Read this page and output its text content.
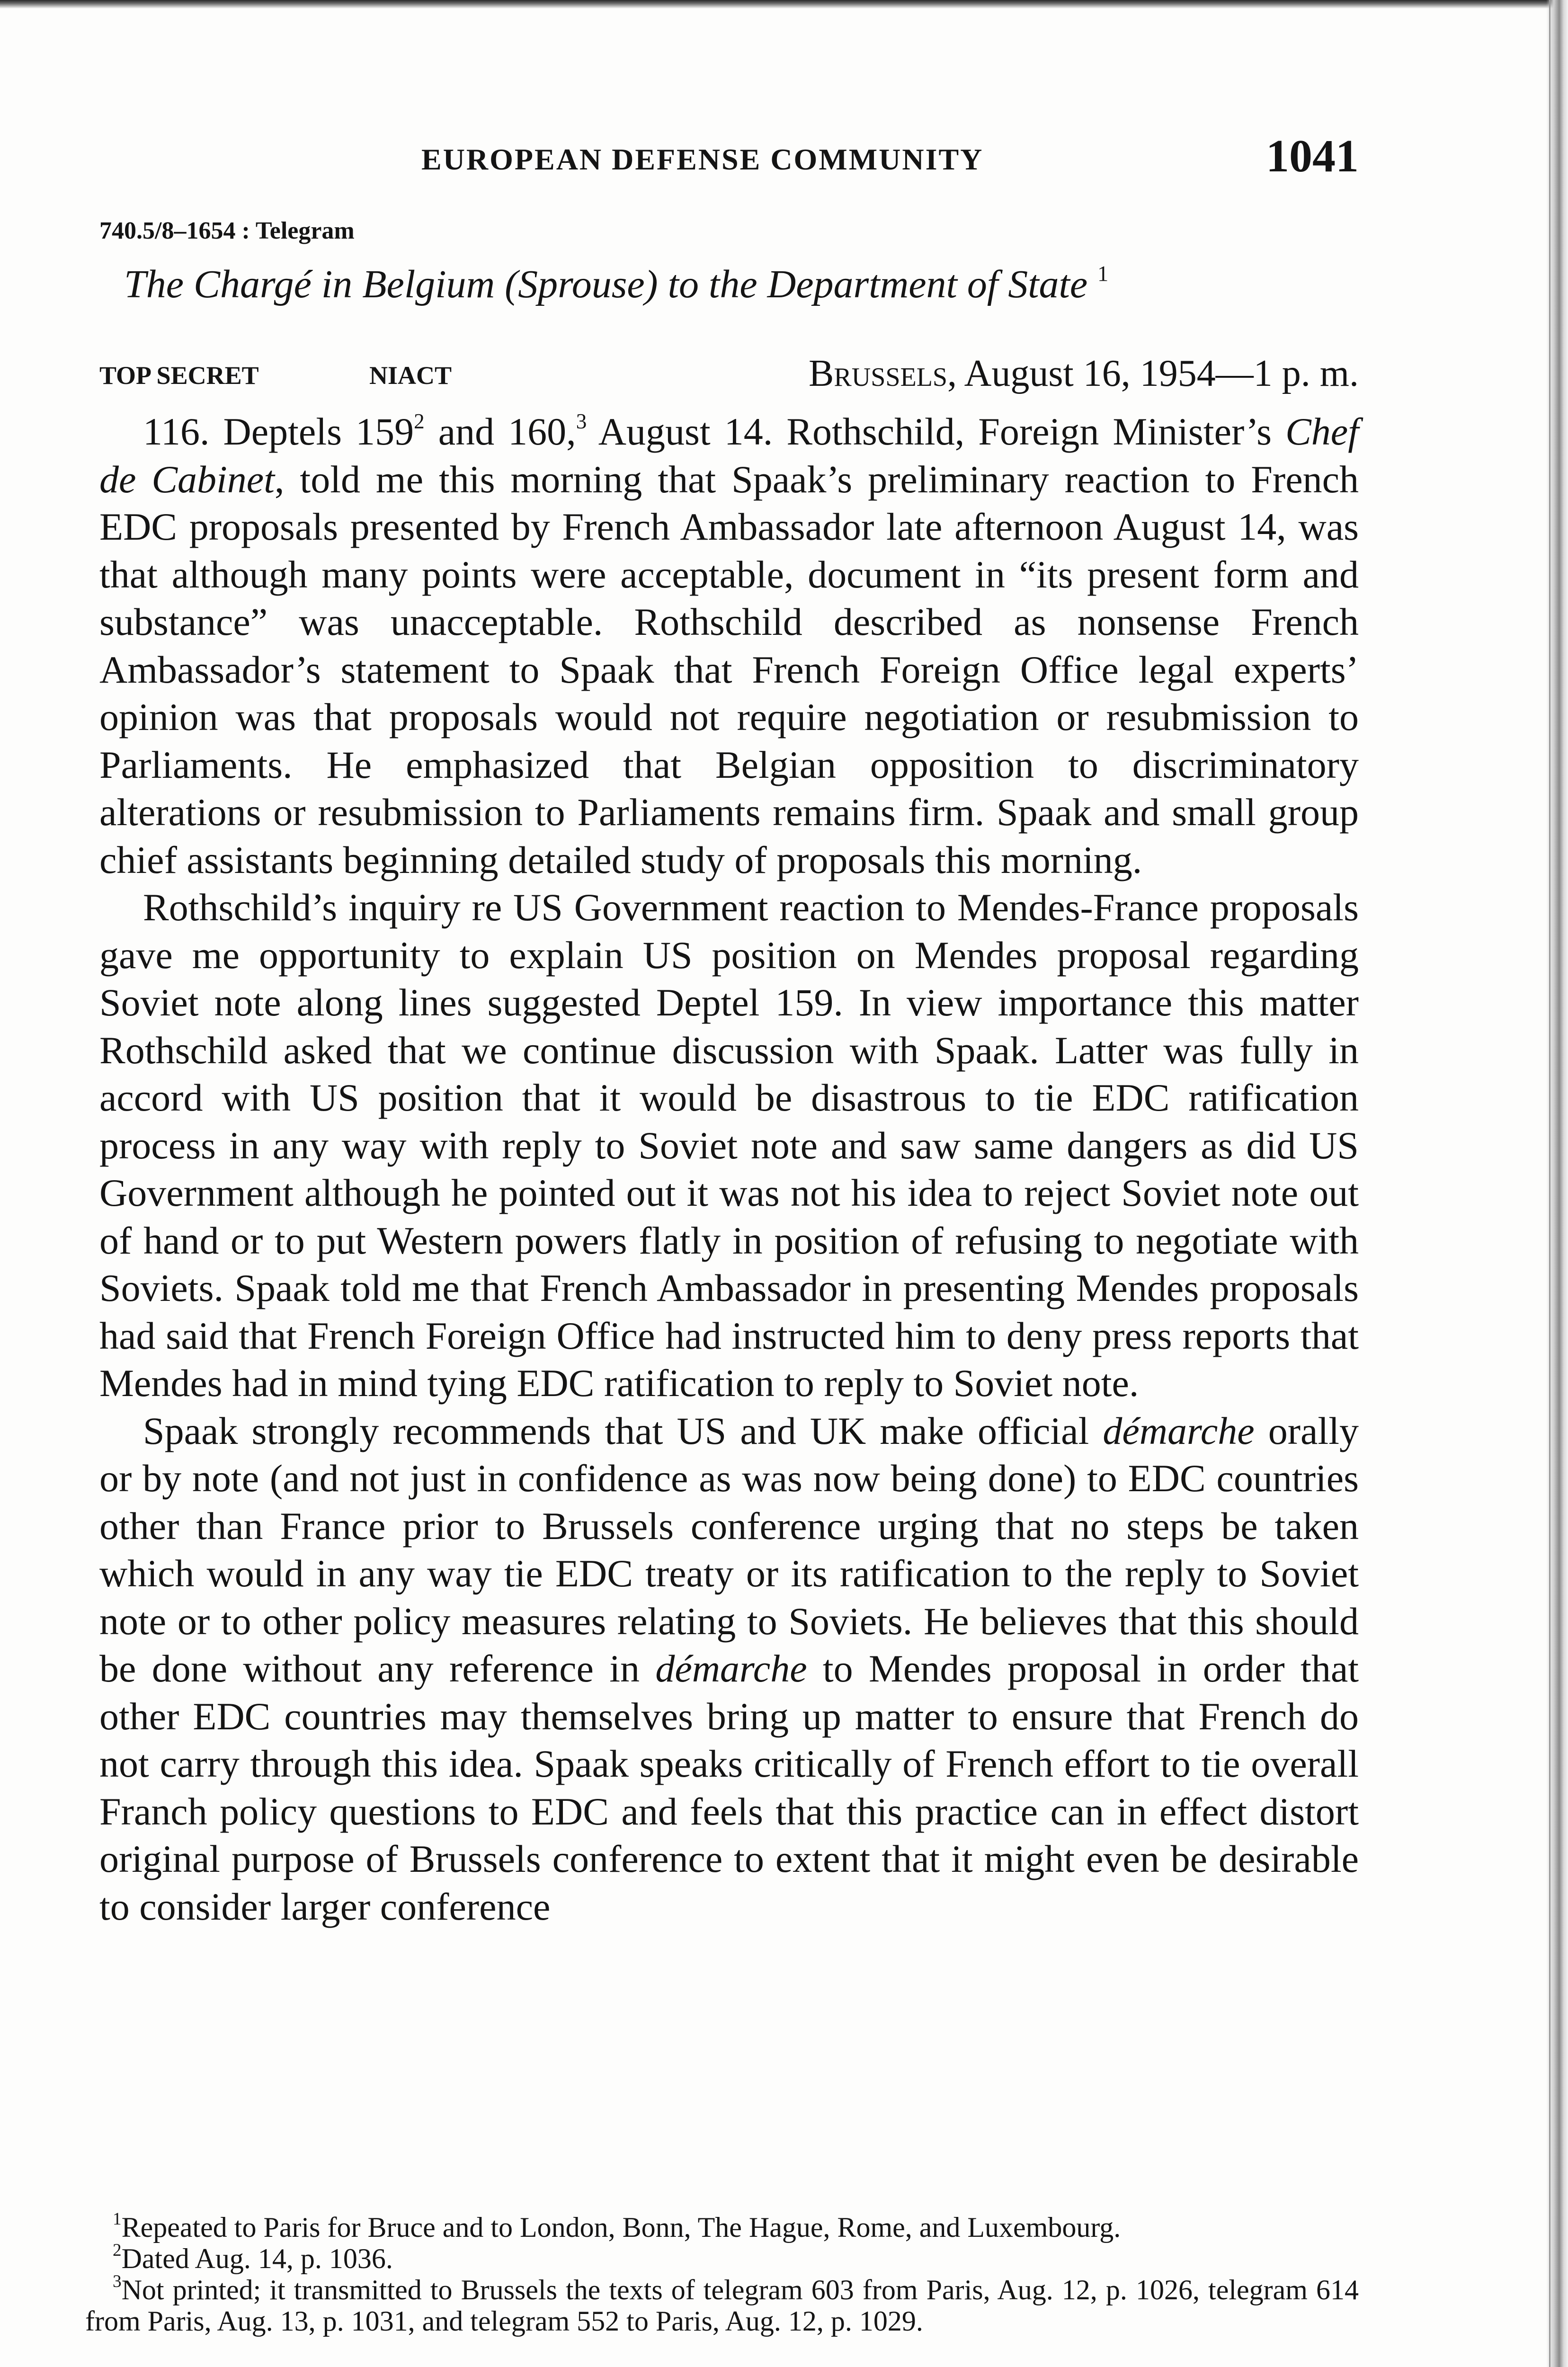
EUROPEAN DEFENSE COMMUNITY	1041
740.5/8–1654 : Telegram
The Chargé in Belgium (Sprouse) to the Department of State $^1$
TOP SECRET	NIACT	Brussels, August 16, 1954—1 p. m.

116. Deptels $159^2$ and 160,$^3$ August 14. Rothschild, Foreign Minister’s Chef de Cabinet, told me this morning that Spaak’s preliminary reaction to French EDC proposals presented by French Ambassador late afternoon August 14, was that although many points were acceptable, document in “its present form and substance” was unacceptable. Rothschild described as nonsense French Ambassador’s statement to Spaak that French Foreign Office legal experts’ opinion was that proposals would not require negotiation or resubmission to Parliaments. He emphasized that Belgian opposition to discriminatory alterations or resubmission to Parliaments remains firm. Spaak and small group chief assistants beginning detailed study of proposals this morning.

Rothschild’s inquiry re US Government reaction to Mendes-France proposals gave me opportunity to explain US position on Mendes proposal regarding Soviet note along lines suggested Deptel 159. In view importance this matter Rothschild asked that we continue discussion with Spaak. Latter was fully in accord with US position that it would be disastrous to tie EDC ratification process in any way with reply to Soviet note and saw same dangers as did US Government although he pointed out it was not his idea to reject Soviet note out of hand or to put Western powers flatly in position of refusing to negotiate with Soviets. Spaak told me that French Ambassador in presenting Mendes proposals had said that French Foreign Office had instructed him to deny press reports that Mendes had in mind tying EDC ratification to reply to Soviet note.

Spaak strongly recommends that US and UK make official démarche orally or by note (and not just in confidence as was now being done) to EDC countries other than France prior to Brussels conference urging that no steps be taken which would in any way tie EDC treaty or its ratification to the reply to Soviet note or to other policy measures relating to Soviets. He believes that this should be done without any reference in démarche to Mendes proposal in order that other EDC countries may themselves bring up matter to ensure that French do not carry through this idea. Spaak speaks critically of French effort to tie overall Franch policy questions to EDC and feels that this practice can in effect distort original purpose of Brussels conference to extent that it might even be desirable to consider larger conference

$^1$Repeated to Paris for Bruce and to London, Bonn, The Hague, Rome, and Luxembourg.

$^2$Dated Aug. 14, p. 1036.

$^3$Not printed; it transmitted to Brussels the texts of telegram 603 from Paris, Aug. 12, p. 1026, telegram 614 from Paris, Aug. 13, p. 1031, and telegram 552 to Paris, Aug. 12, p. 1029.
